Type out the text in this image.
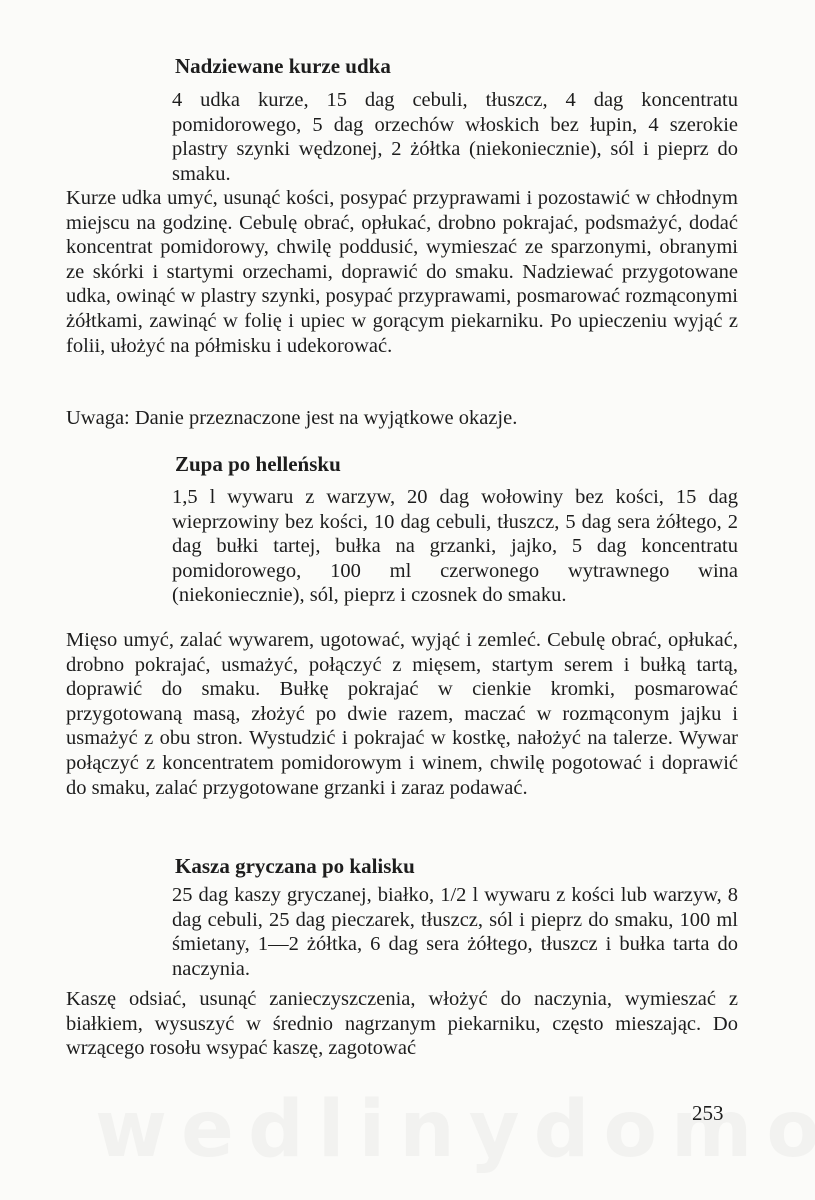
Nadziewane kurze udka

4 udka kurze, 15 dag cebuli, tłuszcz, 4 dag koncentratu pomidorowego, 5 dag orzechów włoskich bez łupin, 4 szerokie plastry szynki wędzonej, 2 żółtka (niekoniecznie), sól i pieprz do smaku.

Kurze udka umyć, usunąć kości, posypać przyprawami i pozostawić w chłodnym miejscu na godzinę. Cebulę obrać, opłukać, drobno pokrajać, podsmażyć, dodać koncentrat pomidorowy, chwilę poddusić, wymieszać ze sparzonymi, obranymi ze skórki i startymi orzechami, doprawić do smaku. Nadziewać przygotowane udka, owinąć w plastry szynki, posypać przyprawami, posmarować rozmąconymi żółtkami, zawinąć w folię i upiec w gorącym piekarniku. Po upieczeniu wyjąć z folii, ułożyć na półmisku i udekorować.

Uwaga: Danie przeznaczone jest na wyjątkowe okazje.

Zupa po helleńsku

1,5 l wywaru z warzyw, 20 dag wołowiny bez kości, 15 dag wieprzowiny bez kości, 10 dag cebuli, tłuszcz, 5 dag sera żółtego, 2 dag bułki tartej, bułka na grzanki, jajko, 5 dag koncentratu pomidorowego, 100 ml czerwonego wytrawnego wina (niekoniecznie), sól, pieprz i czosnek do smaku.

Mięso umyć, zalać wywarem, ugotować, wyjąć i zemleć. Cebulę obrać, opłukać, drobno pokrajać, usmażyć, połączyć z mięsem, startym serem i bułką tartą, doprawić do smaku. Bułkę pokrajać w cienkie kromki, posmarować przygotowaną masą, złożyć po dwie razem, maczać w rozmąconym jajku i usmażyć z obu stron. Wystudzić i pokrajać w kostkę, nałożyć na talerze. Wywar połączyć z koncentratem pomidorowym i winem, chwilę pogotować i doprawić do smaku, zalać przygotowane grzanki i zaraz podawać.

Kasza gryczana po kalisku

25 dag kaszy gryczanej, białko, 1/2 l wywaru z kości lub warzyw, 8 dag cebuli, 25 dag pieczarek, tłuszcz, sól i pieprz do smaku, 100 ml śmietany, 1—2 żółtka, 6 dag sera żółtego, tłuszcz i bułka tarta do naczynia.

Kaszę odsiać, usunąć zanieczyszczenia, włożyć do naczynia, wymieszać z białkiem, wysuszyć w średnio nagrzanym piekarniku, często mieszając. Do wrzącego rosołu wsypać kaszę, zagotować

253
